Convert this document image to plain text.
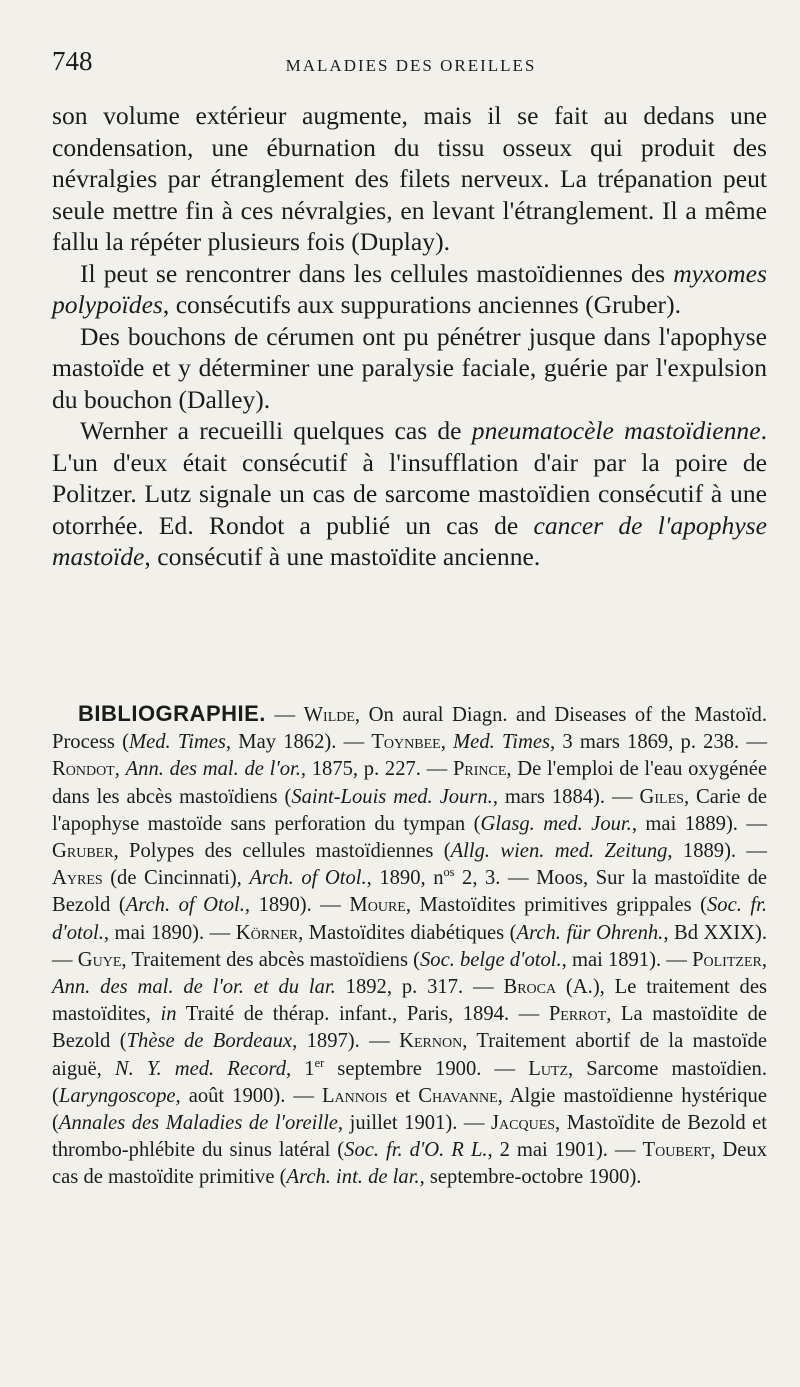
748	MALADIES DES OREILLES

son volume extérieur augmente, mais il se fait au dedans une condensation, une éburnation du tissu osseux qui produit des névralgies par étranglement des filets nerveux. La trépanation peut seule mettre fin à ces névralgies, en levant l'étranglement. Il a même fallu la répéter plusieurs fois (Duplay).

Il peut se rencontrer dans les cellules mastoïdiennes des myxomes polypoïdes, consécutifs aux suppurations anciennes (Gruber).

Des bouchons de cérumen ont pu pénétrer jusque dans l'apophyse mastoïde et y déterminer une paralysie faciale, guérie par l'expulsion du bouchon (Dalley).

Wernher a recueilli quelques cas de pneumatocèle mastoïdienne. L'un d'eux était consécutif à l'insufflation d'air par la poire de Politzer. Lutz signale un cas de sarcome mastoïdien consécutif à une otorrhée. Ed. Rondot a publié un cas de cancer de l'apophyse mastoïde, consécutif à une mastoïdite ancienne.

BIBLIOGRAPHIE. — Wilde, On aural Diagn. and Diseases of the Mastoïd. Process (Med. Times, May 1862). — Toynbee, Med. Times, 3 mars 1869, p. 238. — Rondot, Ann. des mal. de l'or., 1875, p. 227. — Prince, De l'emploi de l'eau oxygénée dans les abcès mastoïdiens (Saint-Louis med. Journ., mars 1884). — Giles, Carie de l'apophyse mastoïde sans perforation du tympan (Glasg. med. Jour., mai 1889). — Gruber, Polypes des cellules mastoïdiennes (Allg. wien. med. Zeitung, 1889). — Ayres (de Cincinnati), Arch. of Otol., 1890, $n^{os}$ 2, 3. — Moos, Sur la mastoïdite de Bezold (Arch. of Otol., 1890). — Moure, Mastoïdites primitives grippales (Soc. fr. d'otol., mai 1890). — Körner, Mastoïdites diabétiques (Arch. für Ohrenh., Bd XXIX). — Guye, Traitement des abcès mastoïdiens (Soc. belge d'otol., mai 1891). — Politzer, Ann. des mal. de l'or. et du lar. 1892, p. 317. — Broca (A.), Le traitement des mastoïdites, in Traité de thérap. infant., Paris, 1894. — Perrot, La mastoïdite de Bezold (Thèse de Bordeaux, 1897). — Kernon, Traitement abortif de la mastoïde aiguë, N. Y. med. Record, 1er septembre 1900. — Lutz, Sarcome mastoïdien. (Laryngoscope, août 1900). — Lannois et Chavanne, Algie mastoïdienne hystérique (Annales des Maladies de l'oreille, juillet 1901). — Jacques, Mastoïdite de Bezold et thrombo-phlébite du sinus latéral (Soc. fr. d'O. R L., 2 mai 1901). — Toubert, Deux cas de mastoïdite primitive (Arch. int. de lar., septembre-octobre 1900).
